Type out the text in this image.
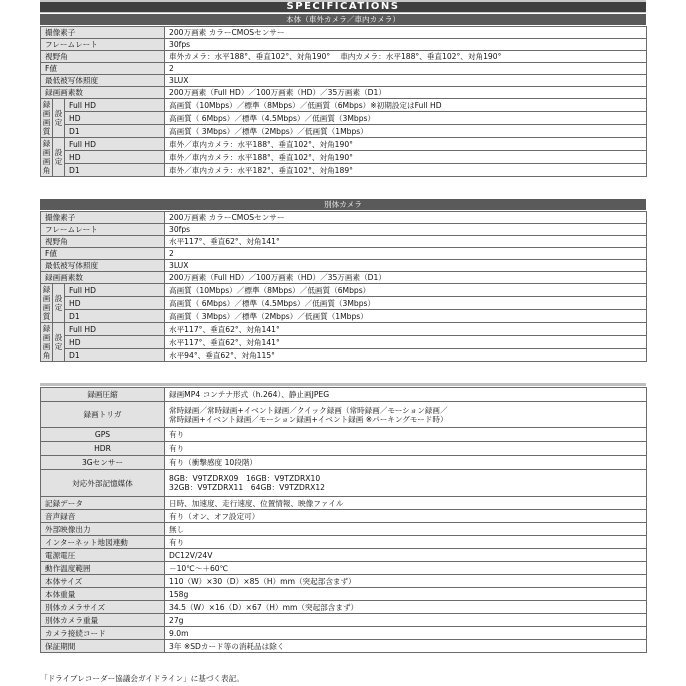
SPECIFICATIONS
本体（車外カメラ／車内カメラ）
撮像素子			200万画素 カラーCMOSセンサー
フレームレート			30fps
視野角			車外カメラ：水平188°、垂直102°、対角190°　 車内カメラ：水平188°、垂直102°、対角190°
F値			2
最低被写体照度			3LUX
録画画素数			200万画素（Full HD）／100万画素（HD）／35万画素（D1）
録画画質	設定	Full HD	高画質（10Mbps）／標準（8Mbps）／低画質（6Mbps）※初期設定はFull HD
		HD	高画質（ 6Mbps）／標準（4.5Mbps）／低画質（3Mbps）
		D1	高画質（ 3Mbps）／標準（2Mbps）／低画質（1Mbps）
録画画角	設定	Full HD	車外／車内カメラ：水平188°、垂直102°、対角190°
		HD	車外／車内カメラ：水平188°、垂直102°、対角190°
		D1	車外／車内カメラ：水平182°、垂直102°、対角189°
別体カメラ
撮像素子			200万画素 カラーCMOSセンサー
フレームレート			30fps
視野角			水平117°、垂直62°、対角141°
F値			2
最低被写体照度			3LUX
録画画素数			200万画素（Full HD）／100万画素（HD）／35万画素（D1）
録画画質	設定	Full HD	高画質（10Mbps）／標準（8Mbps）／低画質（6Mbps）
		HD	高画質（ 6Mbps）／標準（4.5Mbps）／低画質（3Mbps）
		D1	高画質（ 3Mbps）／標準（2Mbps）／低画質（1Mbps）
録画画角	設定	Full HD	水平117°、垂直62°、対角141°
		HD	水平117°、垂直62°、対角141°
		D1	水平94°、垂直62°、対角115°
録画圧縮	録画MP4 コンテナ形式（h.264）、静止画JPEG
録画トリガ	常時録画／常時録画+イベント録画／クイック録画（常時録画／モーション録画／
常時録画+イベント録画／モーション録画+イベント録画 ※パーキングモード時）

GPS	有り
HDR	有り
3Gセンサー	有り（衝撃感度 10段階）
対応外部記憶媒体	8GB：V9TZDRX09　16GB：V9TZDRX10
32GB：V9TZDRX11　64GB：V9TZDRX12

記録データ	日時、加速度、走行速度、位置情報、映像ファイル
音声録音	有り（オン、オフ設定可）
外部映像出力	無し
インターネット地図連動	有り
電源電圧	DC12V/24V
動作温度範囲	－10℃～＋60℃
本体サイズ	110（W）×30（D）×85（H）mm（突起部含まず）
本体重量	158g
別体カメラサイズ	34.5（W）×16（D）×67（H）mm（突起部含まず）
別体カメラ重量	27g
カメラ接続コード	9.0m
保証期間	3年 ※SDカード等の消耗品は除く
「ドライブレコーダー協議会ガイドライン」に基づく表記。
